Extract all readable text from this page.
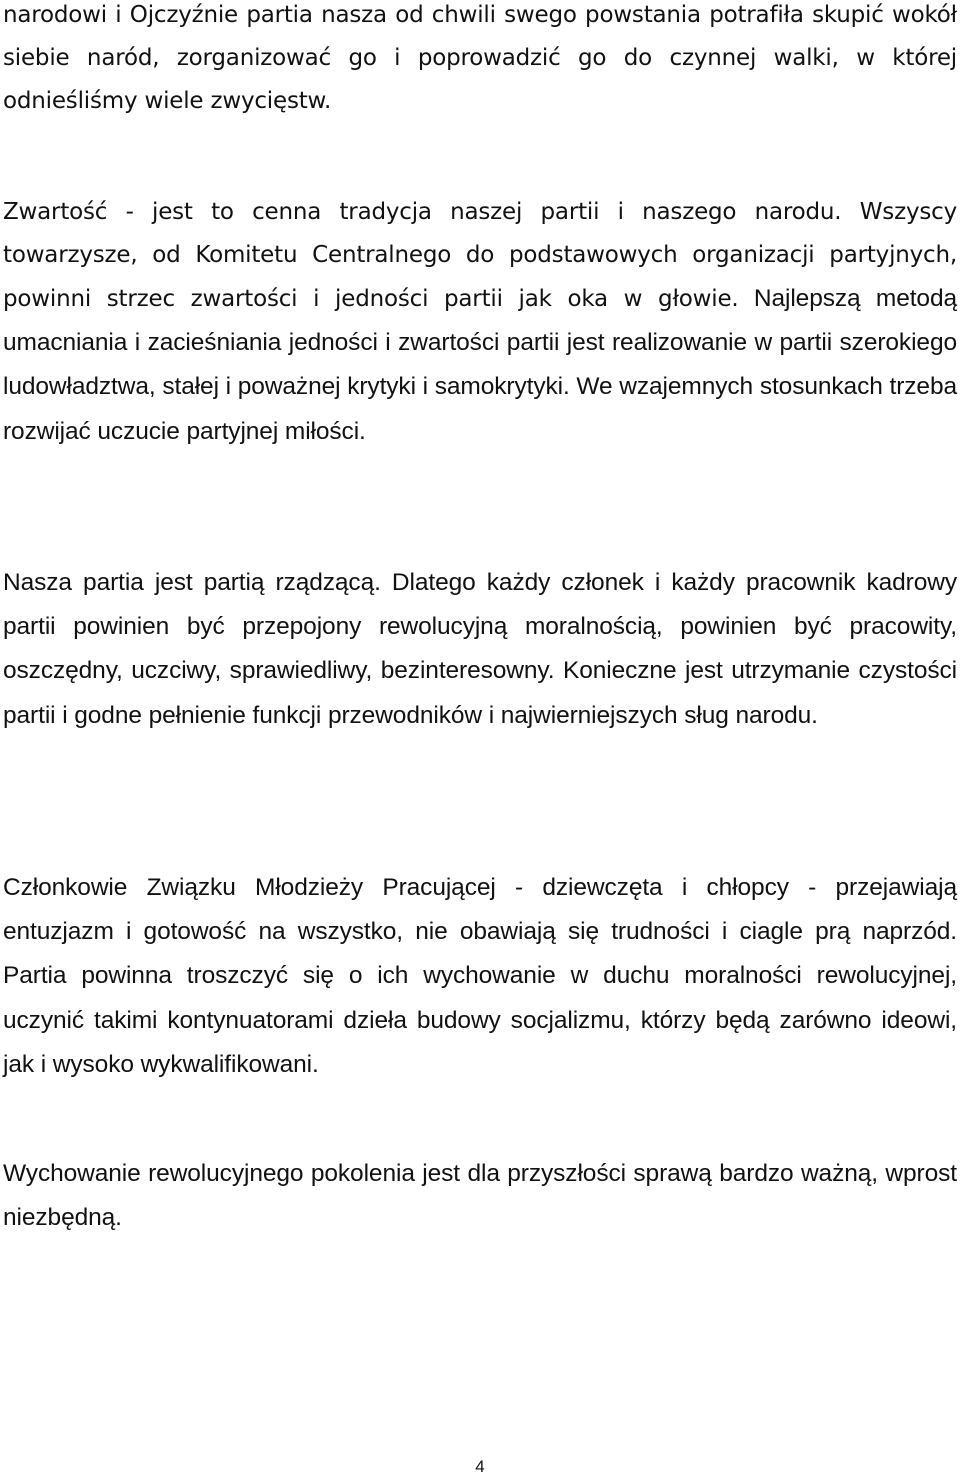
narodowi i Ojczyźnie partia nasza od chwili swego powstania potrafiła skupić wokół siebie naród, zorganizować go i poprowadzić go do czynnej walki, w której odnieśliśmy wiele zwycięstw.

Zwartość - jest to cenna tradycja naszej partii i naszego narodu. Wszyscy towarzysze, od Komitetu Centralnego do podstawowych organizacji partyjnych, powinni strzec zwartości i jedności partii jak oka w głowie. Najlepszą metodą umacniania i zacieśniania jedności i zwartości partii jest realizowanie w partii szerokiego ludowładztwa, stałej i poważnej krytyki i samokrytyki. We wzajemnych stosunkach trzeba rozwijać uczucie partyjnej miłości.

Nasza partia jest partią rządzącą. Dlatego każdy członek i każdy pracownik kadrowy partii powinien być przepojony rewolucyjną moralnością, powinien być pracowity, oszczędny, uczciwy, sprawiedliwy, bezinteresowny. Konieczne jest utrzymanie czystości partii i godne pełnienie funkcji przewodników i najwierniejszych sług narodu.

Członkowie Związku Młodzieży Pracującej - dziewczęta i chłopcy - przejawiają entuzjazm i gotowość na wszystko, nie obawiają się trudności i ciagle prą naprzód. Partia powinna troszczyć się o ich wychowanie w duchu moralności rewolucyjnej, uczynić takimi kontynuatorami dzieła budowy socjalizmu, którzy będą zarówno ideowi, jak i wysoko wykwalifikowani.

Wychowanie rewolucyjnego pokolenia jest dla przyszłości sprawą bardzo ważną, wprost niezbędną.

4
